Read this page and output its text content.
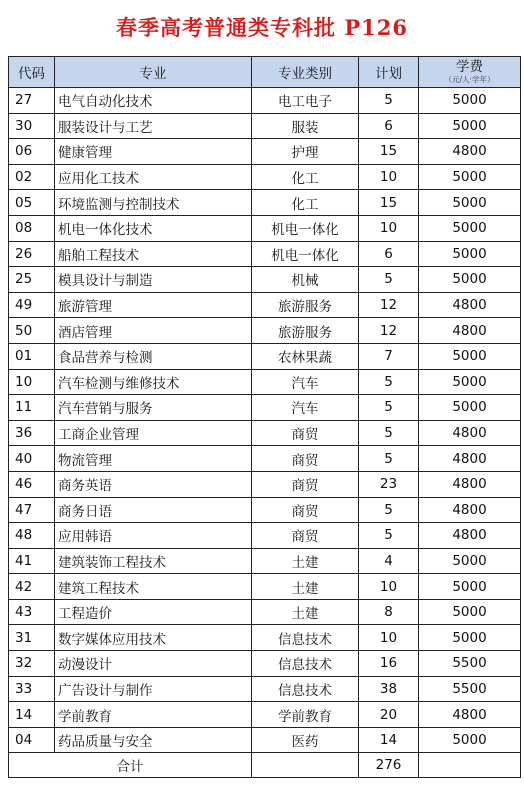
春季高考普通类专科批 P126
代码	专业	专业类别	计划	学费
（元/人·学年）

27	电气自动化技术	电工电子	5	5000
30	服装设计与工艺	服装	6	5000
06	健康管理	护理	15	4800
02	应用化工技术	化工	10	5000
05	环境监测与控制技术	化工	15	5000
08	机电一体化技术	机电一体化	10	5000
26	船舶工程技术	机电一体化	6	5000
25	模具设计与制造	机械	5	5000
49	旅游管理	旅游服务	12	4800
50	酒店管理	旅游服务	12	4800
01	食品营养与检测	农林果蔬	7	5000
10	汽车检测与维修技术	汽车	5	5000
11	汽车营销与服务	汽车	5	5000
36	工商企业管理	商贸	5	4800
40	物流管理	商贸	5	4800
46	商务英语	商贸	23	4800
47	商务日语	商贸	5	4800
48	应用韩语	商贸	5	4800
41	建筑装饰工程技术	土建	4	5000
42	建筑工程技术	土建	10	5000
43	工程造价	土建	8	5000
31	数字媒体应用技术	信息技术	10	5000
32	动漫设计	信息技术	16	5500
33	广告设计与制作	信息技术	38	5500
14	学前教育	学前教育	20	4800
04	药品质量与安全	医药	14	5000
合计			276	
